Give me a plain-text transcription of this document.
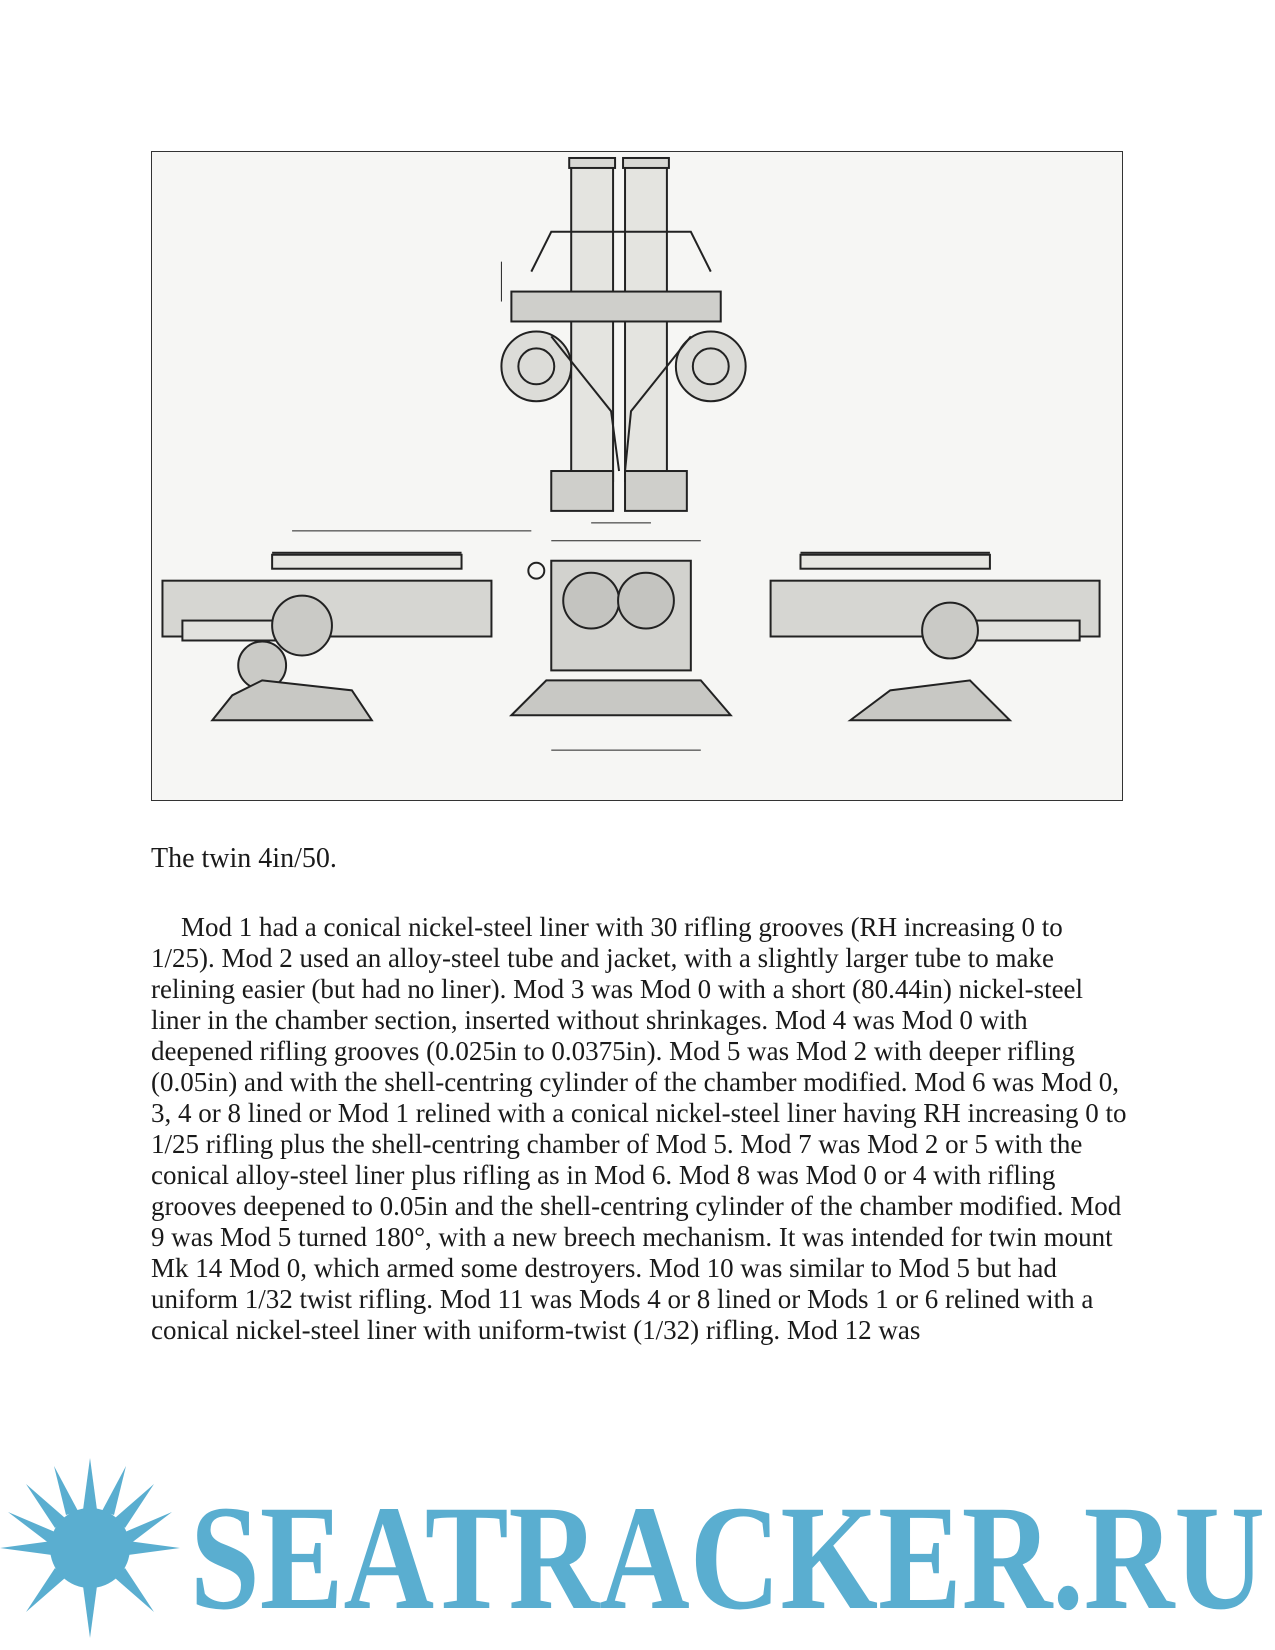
The twin 4in/50.

Mod 1 had a conical nickel-steel liner with 30 rifling grooves (RH increasing 0 to 1/25). Mod 2 used an alloy-steel tube and jacket, with a slightly larger tube to make relining easier (but had no liner). Mod 3 was Mod 0 with a short (80.44in) nickel-steel liner in the chamber section, inserted without shrinkages. Mod 4 was Mod 0 with deepened rifling grooves (0.025in to 0.0375in). Mod 5 was Mod 2 with deeper rifling (0.05in) and with the shell-centring cylinder of the chamber modified. Mod 6 was Mod 0, 3, 4 or 8 lined or Mod 1 relined with a conical nickel-steel liner having RH increasing 0 to 1/25 rifling plus the shell-centring chamber of Mod 5. Mod 7 was Mod 2 or 5 with the conical alloy-steel liner plus rifling as in Mod 6. Mod 8 was Mod 0 or 4 with rifling grooves deepened to 0.05in and the shell-centring cylinder of the chamber modified. Mod 9 was Mod 5 turned 180°, with a new breech mechanism. It was intended for twin mount Mk 14 Mod 0, which armed some destroyers. Mod 10 was similar to Mod 5 but had uniform 1/32 twist rifling. Mod 11 was Mods 4 or 8 lined or Mods 1 or 6 relined with a conical nickel-steel liner with uniform-twist (1/32) rifling. Mod 12 was

SEATRACKER.RU
